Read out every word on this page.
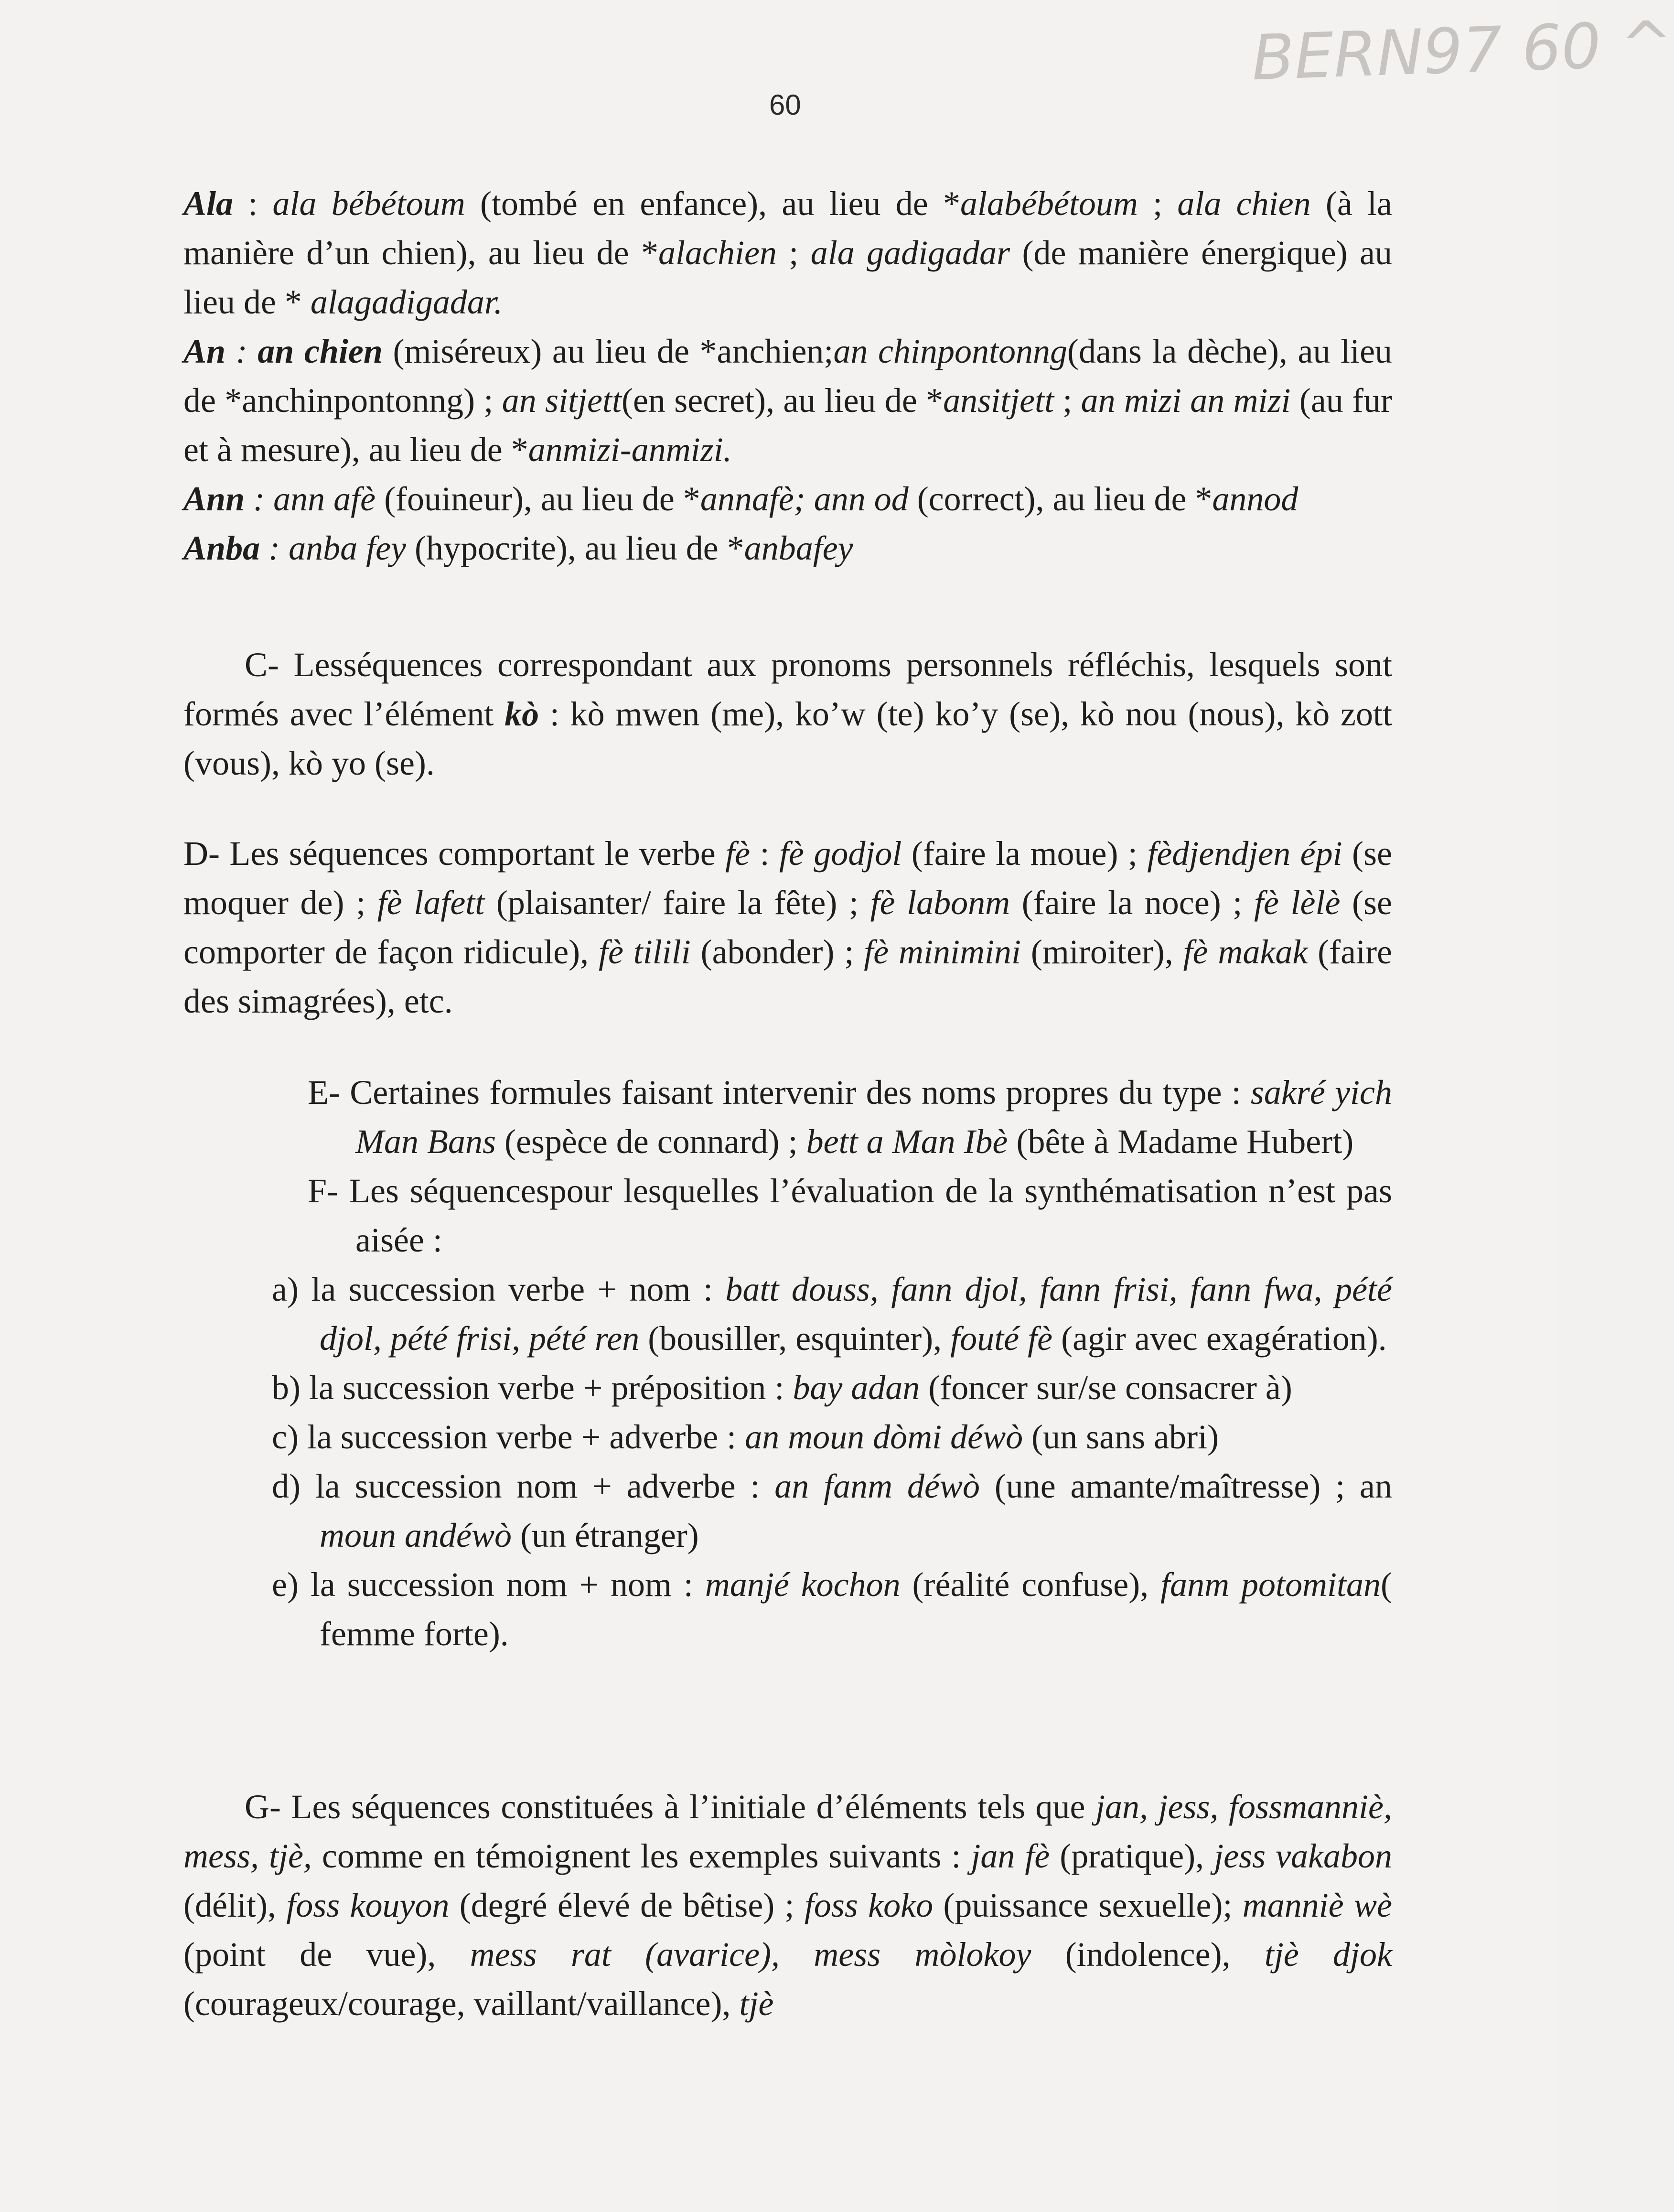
BERN97 60 ^
60

Ala : ala bébétoum (tombé en enfance), au lieu de *alabébétoum ; ala chien (à la manière d’un chien), au lieu de *alachien ; ala gadigadar (de manière énergique) au lieu de * alagadigadar.

An : an chien (miséreux) au lieu de *anchien;an chinpontonng(dans la dèche), au lieu de *anchinpontonng) ; an sitjett(en secret), au lieu de *ansitjett ; an mizi an mizi (au fur et à mesure), au lieu de *anmizi-anmizi.

Ann : ann afè (fouineur), au lieu de *annafè; ann od (correct), au lieu de *annod

Anba : anba fey (hypocrite), au lieu de *anbafey

C- Lesséquences correspondant aux pronoms personnels réfléchis, lesquels sont formés avec l’élément kò : kò mwen (me), ko’w (te) ko’y (se), kò nou (nous), kò zott (vous), kò yo (se).

D- Les séquences comportant le verbe fè : fè godjol (faire la moue) ; fèdjendjen épi (se moquer de) ; fè lafett (plaisanter/ faire la fête) ; fè labonm (faire la noce) ; fè lèlè (se comporter de façon ridicule), fè tilili (abonder) ; fè minimini (miroiter), fè makak (faire des simagrées), etc.

E- Certaines formules faisant intervenir des noms propres du type : sakré yich Man Bans (espèce de connard) ; bett a Man Ibè (bête à Madame Hubert)

F- Les séquencespour lesquelles l’évaluation de la synthématisation n’est pas aisée :

a) la succession verbe + nom : batt douss, fann djol, fann frisi, fann fwa, pété djol, pété frisi, pété ren (bousiller, esquinter), fouté fè (agir avec exagération).

b) la succession verbe + préposition : bay adan (foncer sur/se consacrer à)

c) la succession verbe + adverbe : an moun dòmi déwò (un sans abri)

d) la succession nom + adverbe : an fanm déwò (une amante/maîtresse) ; an moun andéwò (un étranger)

e) la succession nom + nom : manjé kochon (réalité confuse), fanm potomitan( femme forte).

G- Les séquences constituées à l’initiale d’éléments tels que jan, jess, fossmanniè, mess, tjè, comme en témoignent les exemples suivants : jan fè (pratique), jess vakabon (délit), foss kouyon (degré élevé de bêtise) ; foss koko (puissance sexuelle); manniè wè (point de vue), mess rat (avarice), mess mòlokoy (indolence), tjè djok (courageux/courage, vaillant/vaillance), tjè
